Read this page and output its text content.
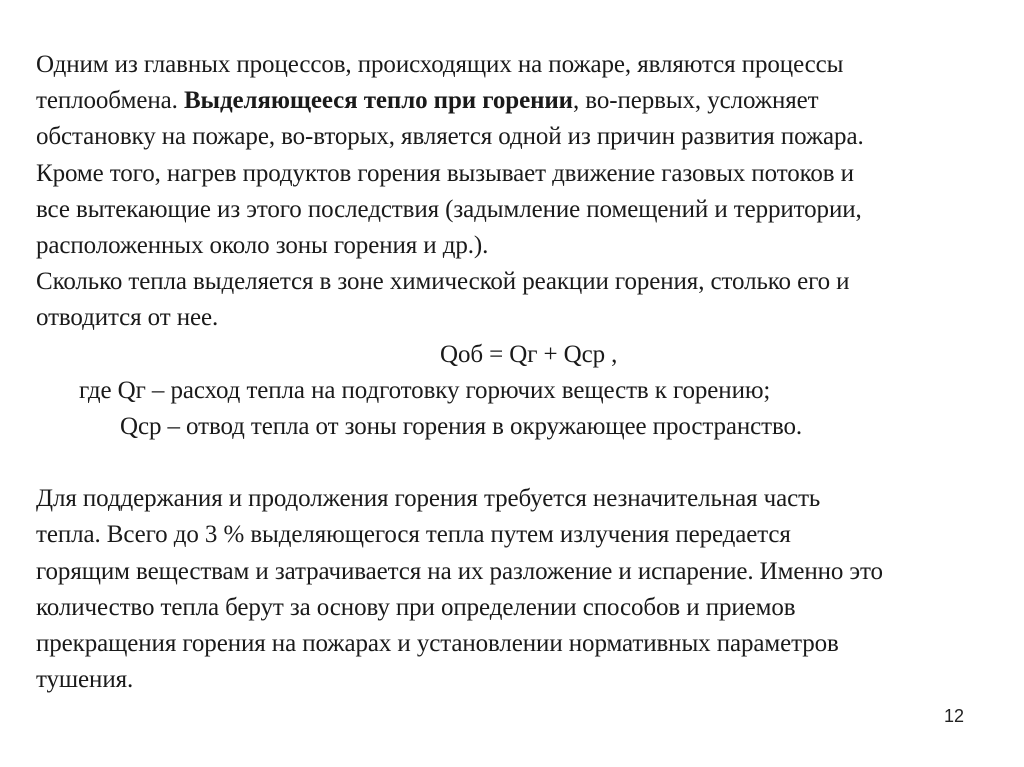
Одним из главных процессов, происходящих на пожаре, являются процессы
теплообмена. Выделяющееся тепло при горении, во-первых, усложняет
обстановку на пожаре, во-вторых, является одной из причин развития пожара.
Кроме того, нагрев продуктов горения вызывает движение газовых потоков и
все вытекающие из этого последствия (задымление помещений и территории,
расположенных около зоны горения и др.).
Сколько тепла выделяется в зоне химической реакции горения, столько его и
отводится от нее.
Qоб = Qг + Qср ,
где Qг – расход тепла на подготовку горючих веществ к горению;
Qср – отвод тепла от зоны горения в окружающее пространство.
Для поддержания и продолжения горения требуется незначительная часть
тепла. Всего до 3 % выделяющегося тепла путем излучения передается
горящим веществам и затрачивается на их разложение и испарение. Именно это
количество тепла берут за основу при определении способов и приемов
прекращения горения на пожарах и установлении нормативных параметров
тушения.
12
